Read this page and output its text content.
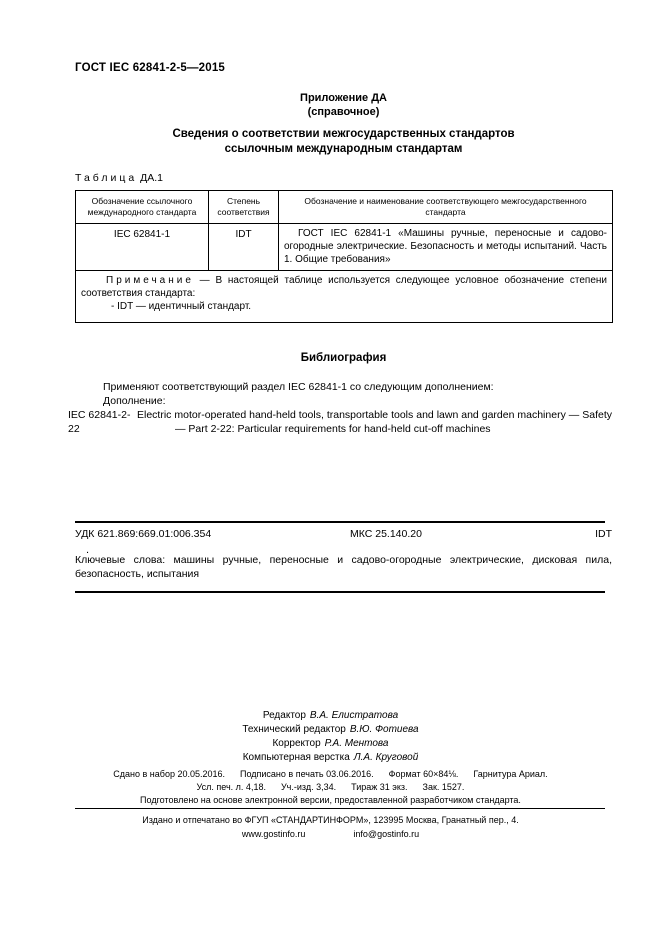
ГОСТ IEC 62841-2-5—2015
Приложение ДА
(справочное)
Сведения о соответствии межгосударственных стандартов
ссылочным международным стандартам
Таблица ДА.1
Обозначение ссылочного международного стандарта	Степень соответствия	Обозначение и наименование соответствующего межгосударственного стандарта
IEC 62841-1	IDT	ГОСТ IEC 62841-1 «Машины ручные, переносные и садово-огородные электрические. Безопасность и методы испытаний. Часть 1. Общие требования»

Примечание — В настоящей таблице используется следующее условное обозначение степени соответствия стандарта:
- IDT — идентичный стандарт.		
Библиография
Применяют соответствующий раздел IEC 62841-1 со следующим дополнением:
Дополнение:
IEC 62841-2-22
Electric motor-operated hand-held tools, transportable tools and lawn and garden machinery — Safety — Part 2-22: Particular requirements for hand-held cut-off machines
УДК 621.869:669.01:006.354	МКС 25.140.20	IDT
.
Ключевые слова: машины ручные, переносные и садово-огородные электрические, дисковая пила, безопасность, испытания
Редактор В.А. Елистратова
Технический редактор В.Ю. Фотиева
Корректор Р.А. Ментова
Компьютерная верстка Л.А. Круговой
Сдано в набор 20.05.2016.      Подписано в печать 03.06.2016.      Формат 60×84⅛.      Гарнитура Ариал.
Усл. печ. л. 4,18.      Уч.-изд. 3,34.      Тираж 31 экз.      Зак. 1527.
Подготовлено на основе электронной версии, предоставленной разработчиком стандарта.
Издано и отпечатано во ФГУП «СТАНДАРТИНФОРМ», 123995 Москва, Гранатный пер., 4.
www.gostinfo.ru	info@gostinfo.ru
